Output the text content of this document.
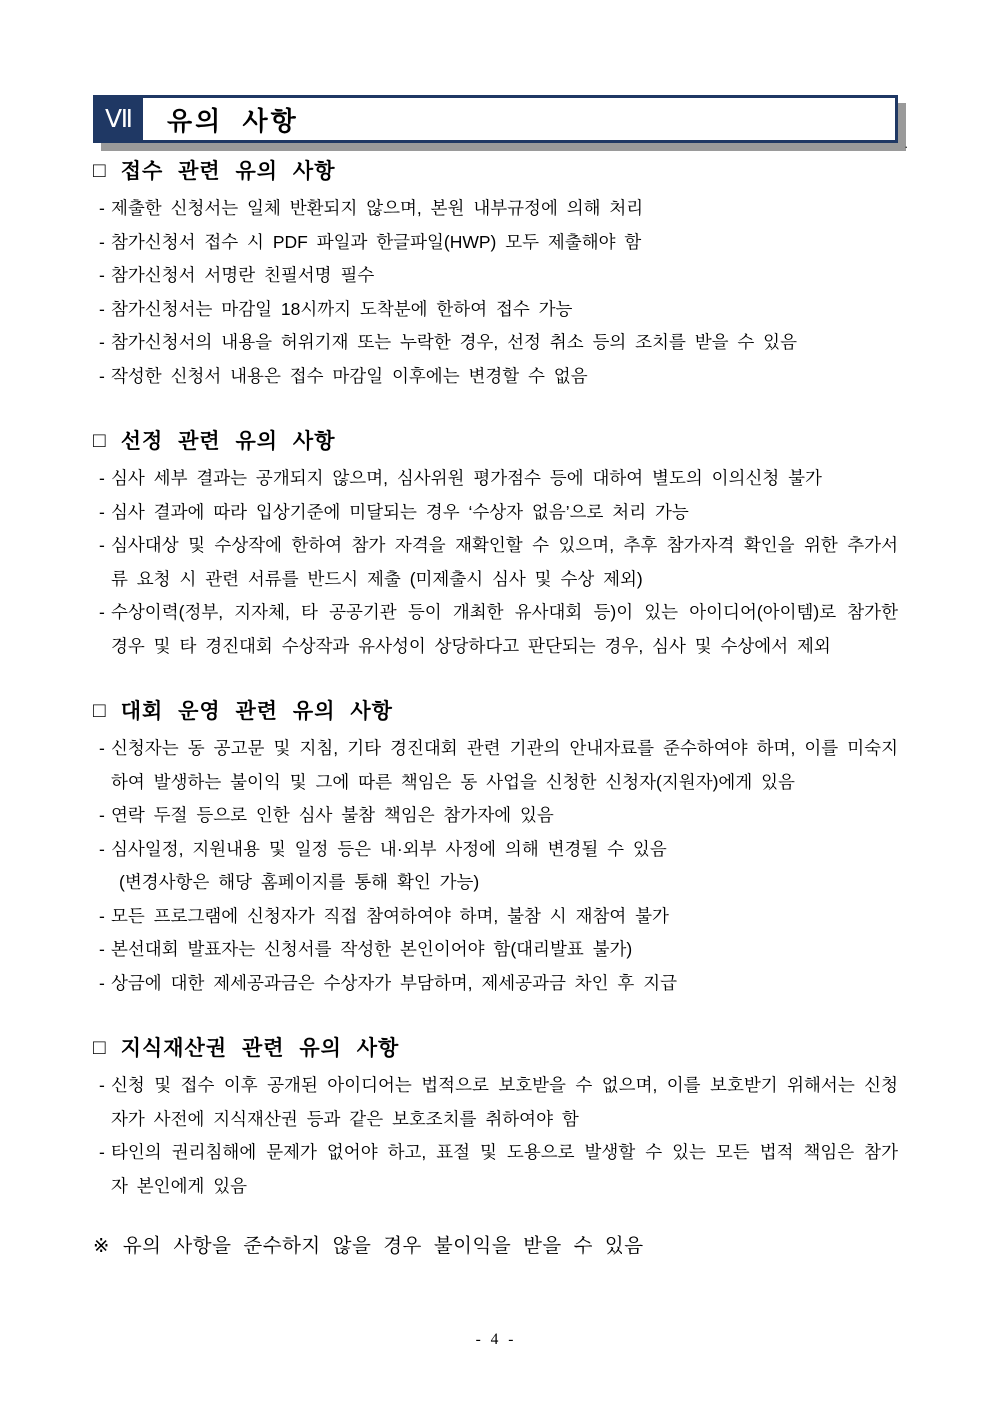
Ⅶ	유의 사항
.
□ 접수 관련 유의 사항
- 제출한 신청서는 일체 반환되지 않으며, 본원 내부규정에 의해 처리
- 참가신청서 접수 시 PDF 파일과 한글파일(HWP) 모두 제출해야 함
- 참가신청서 서명란 친필서명 필수
- 참가신청서는 마감일 18시까지 도착분에 한하여 접수 가능
- 참가신청서의 내용을 허위기재 또는 누락한 경우, 선정 취소 등의 조치를 받을 수 있음
- 작성한 신청서 내용은 접수 마감일 이후에는 변경할 수 없음
□ 선정 관련 유의 사항
- 심사 세부 결과는 공개되지 않으며, 심사위원 평가점수 등에 대하여 별도의 이의신청 불가
- 심사 결과에 따라 입상기준에 미달되는 경우 ‘수상자 없음’으로 처리 가능
- 심사대상 및 수상작에 한하여 참가 자격을 재확인할 수 있으며, 추후 참가자격 확인을 위한 추가서류 요청 시 관련 서류를 반드시 제출 (미제출시 심사 및 수상 제외)
- 수상이력(정부, 지자체, 타 공공기관 등이 개최한 유사대회 등)이 있는 아이디어(아이템)로 참가한 경우 및 타 경진대회 수상작과 유사성이 상당하다고 판단되는 경우, 심사 및 수상에서 제외
□ 대회 운영 관련 유의 사항
- 신청자는 동 공고문 및 지침, 기타 경진대회 관련 기관의 안내자료를 준수하여야 하며, 이를 미숙지하여 발생하는 불이익 및 그에 따른 책임은 동 사업을 신청한 신청자(지원자)에게 있음
- 연락 두절 등으로 인한 심사 불참 책임은 참가자에 있음
- 심사일정, 지원내용 및 일정 등은 내·외부 사정에 의해 변경될 수 있음
(변경사항은 해당 홈페이지를 통해 확인 가능)
- 모든 프로그램에 신청자가 직접 참여하여야 하며, 불참 시 재참여 불가
- 본선대회 발표자는 신청서를 작성한 본인이어야 함(대리발표 불가)
- 상금에 대한 제세공과금은 수상자가 부담하며, 제세공과금 차인 후 지급
□ 지식재산권 관련 유의 사항
- 신청 및 접수 이후 공개된 아이디어는 법적으로 보호받을 수 없으며, 이를 보호받기 위해서는 신청자가 사전에 지식재산권 등과 같은 보호조치를 취하여야 함
- 타인의 권리침해에 문제가 없어야 하고, 표절 및 도용으로 발생할 수 있는 모든 법적 책임은 참가자 본인에게 있음
※ 유의 사항을 준수하지 않을 경우 불이익을 받을 수 있음
- 4 -
